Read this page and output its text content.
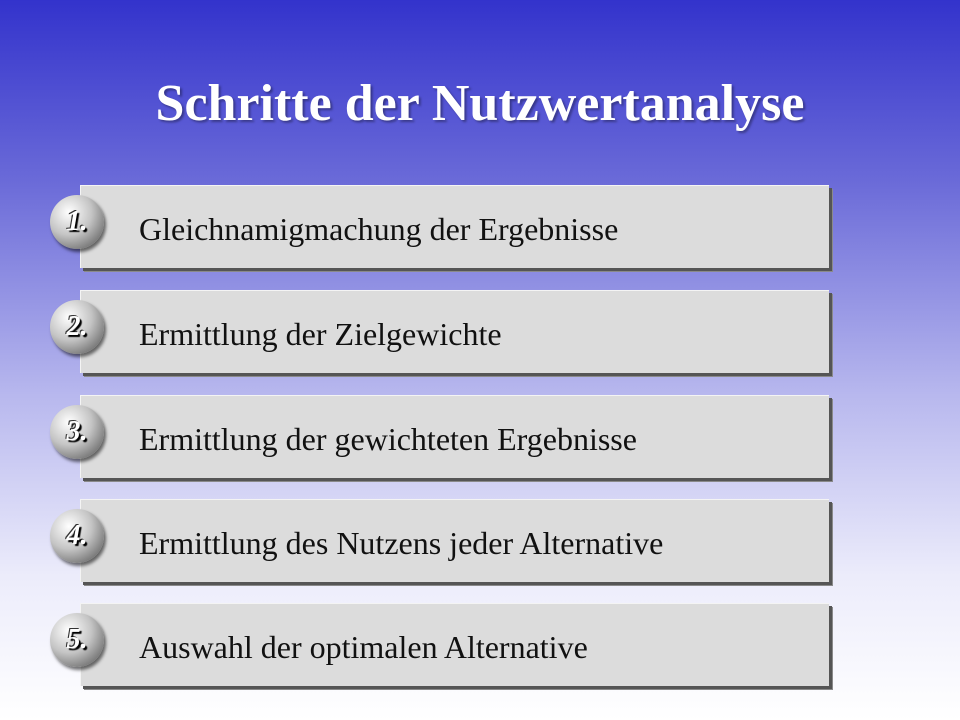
Schritte der Nutzwertanalyse
Gleichnamigmachung der Ergebnisse
1.
Ermittlung der Zielgewichte
2.
Ermittlung der gewichteten Ergebnisse
3.
Ermittlung des Nutzens jeder Alternative
4.
Auswahl der optimalen Alternative
5.
